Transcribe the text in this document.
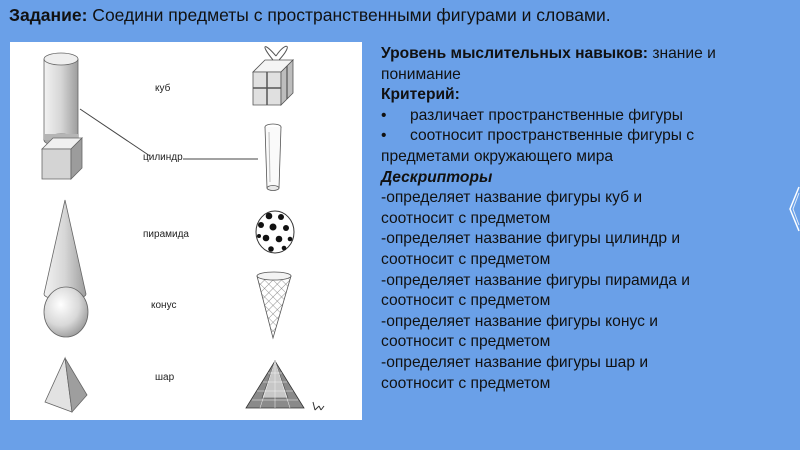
Задание: Соедини предметы с пространственными фигурами и словами.
куб
цилиндр
пирамида
конус
шар
Уровень мыслительных навыков: знание и
понимание
Критерий:
• различает пространственные фигуры
• соотносит пространственные фигуры с
предметами окружающего мира
Дескрипторы
-определяет название фигуры куб и
соотносит с предметом
-определяет название фигуры цилиндр и
соотносит с предметом
-определяет название фигуры пирамида и
соотносит с предметом
-определяет название фигуры конус и
соотносит с предметом
-определяет название фигуры шар и
соотносит с предметом
